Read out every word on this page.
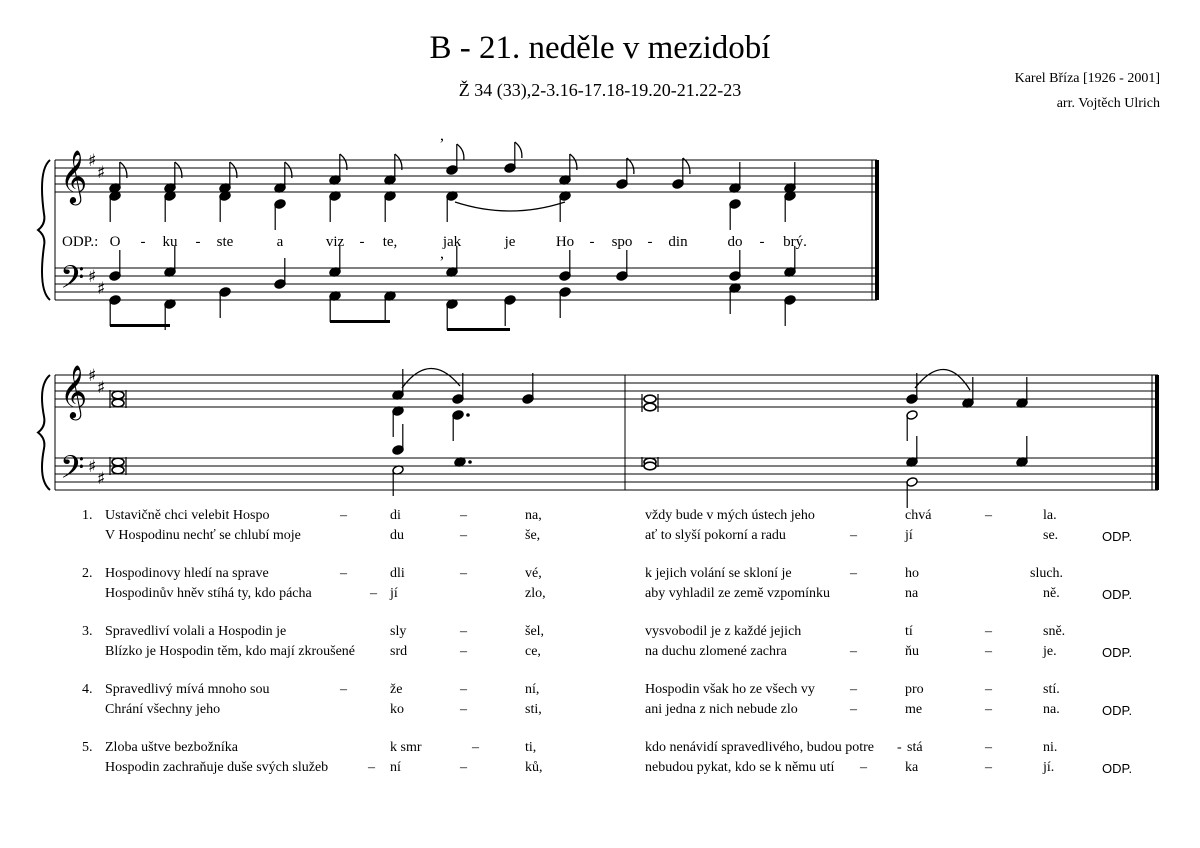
B - 21. neděle v mezidobí
Ž 34 (33),2-3.16-17.18-19.20-21.22-23
Karel Bříza [1926 - 2001]
arr. Vojtěch Ulrich
𝄞 ♯
♯
𝄢 ♯
♯
,
,
𝄞 ♯
♯
𝄢 ♯
♯
ODP.: O - ku - ste	a	viz - te,	jak	je	Ho - spo - din	do - brý.
1. Ustavičně chci velebit Hospo	–	di	–	na,	vždy bude v mých ústech jeho	chvá	–	la.
V Hospodinu nechť se chlubí moje	du	–	še,	ať to slyší pokorní a radu	–	jí	se.	ODP.
2. Hospodinovy hledí na sprave	–	dli	–	vé,	k jejich volání se skloní je	–	ho	sluch.
Hospodinův hněv stíhá ty, kdo pácha	– jí	zlo,	aby vyhladil ze země vzpomínku	na	ně.	ODP.
3. Spravedliví volali a Hospodin je	sly	–	šel,	vysvobodil je z každé jejich	tí	–	sně.
Blízko je Hospodin těm, kdo mají zkroušené srd	–	ce,	na duchu zlomené zachra	–	ňu	–	je.	ODP.
4. Spravedlivý mívá mnoho sou	–	že	–	ní,	Hospodin však ho ze všech vy	–	pro	–	stí.
Chrání všechny jeho	ko	–	sti,	ani jedna z nich nebude zlo	–	me	–	na.	ODP.
5. Zloba uštve bezbožníka	k smr	–	ti,	kdo nenávidí spravedlivého, budou potre - stá	–	ni.
Hospodin zachraňuje duše svých služeb	– ní	–	ků,	nebudou pykat, kdo se k němu utí –	ka	–	jí.	ODP.
